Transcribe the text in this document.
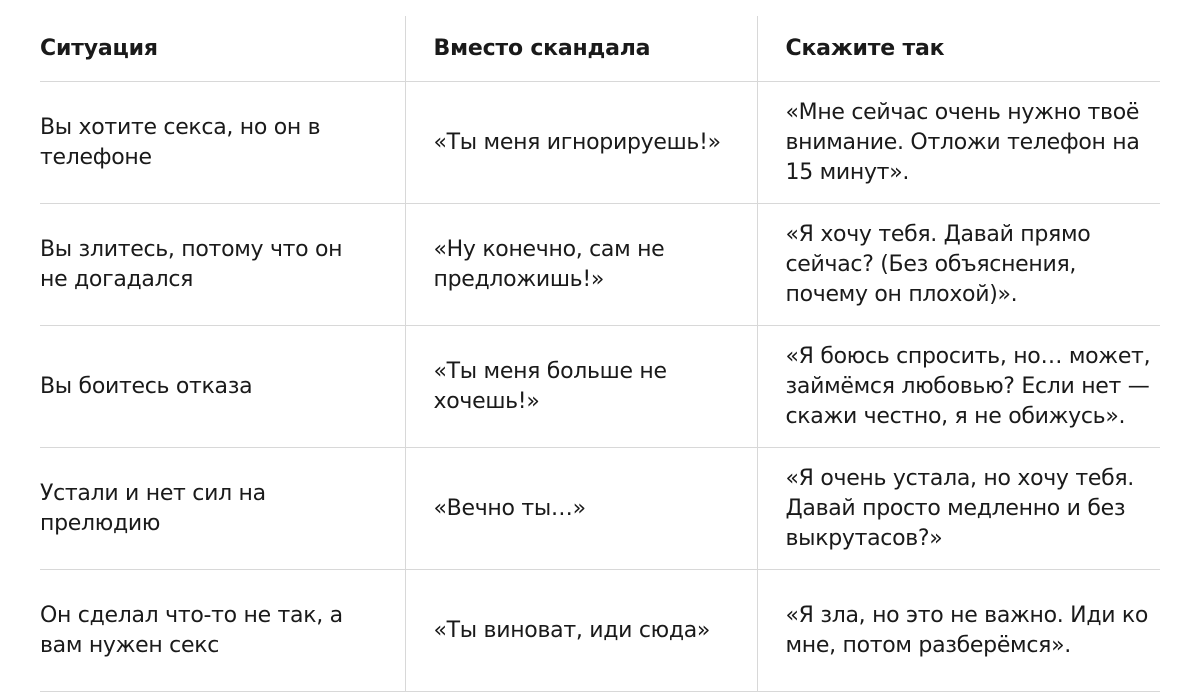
Ситуация	Вместо скандала	Скажите так
Вы хотите секса, но он в телефоне	«Ты меня игнорируешь!»	«Мне сейчас очень нужно твоё внимание. Отложи телефон на 15 минут».
Вы злитесь, потому что он не догадался	«Ну конечно, сам не предложишь!»	«Я хочу тебя. Давай прямо сейчас? (Без объяснения, почему он плохой)».
Вы боитесь отказа	«Ты меня больше не хочешь!»	«Я боюсь спросить, но… может, займёмся любовью? Если нет — скажи честно, я не обижусь».
Устали и нет сил на прелюдию	«Вечно ты…»	«Я очень устала, но хочу тебя. Давай просто медленно и без выкрутасов?»
Он сделал что-то не так, а вам нужен секс	«Ты виноват, иди сюда»	«Я зла, но это не важно. Иди ко мне, потом разберёмся».
